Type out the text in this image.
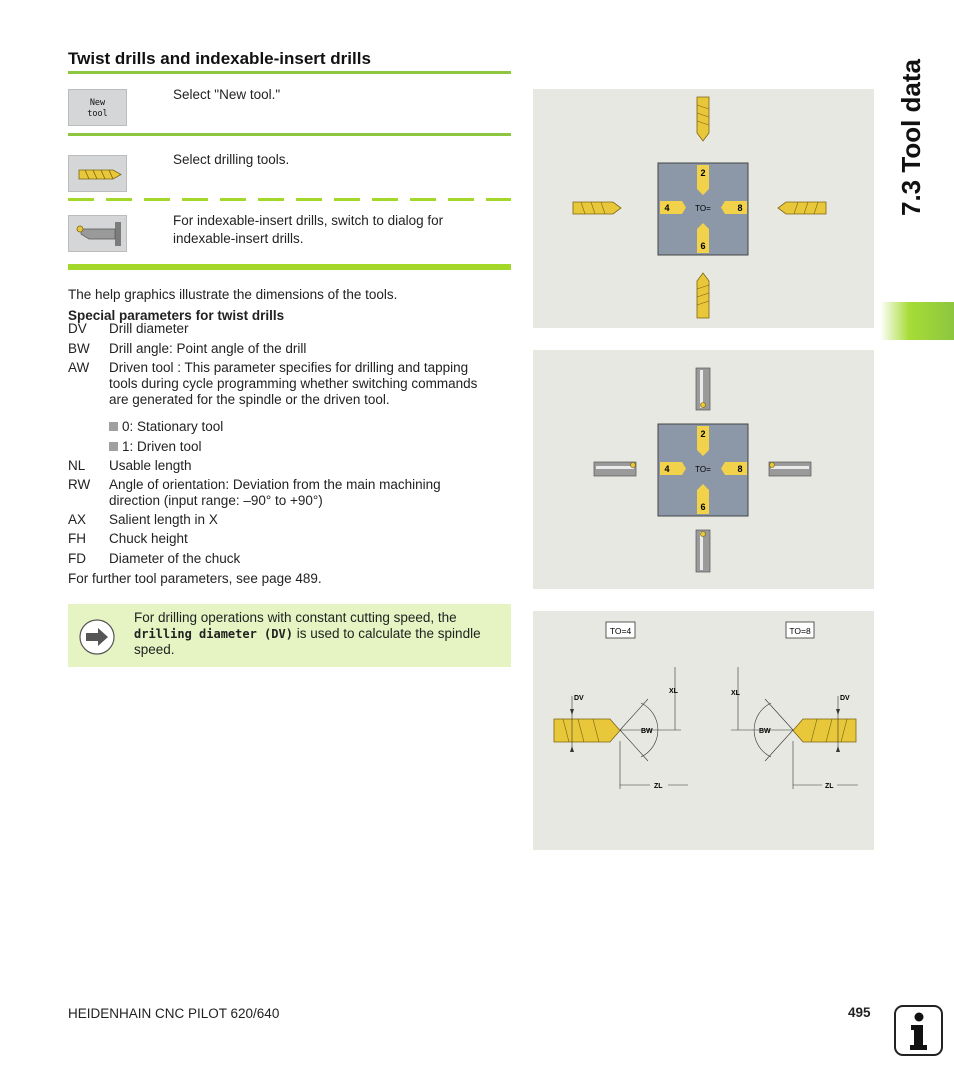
Twist drills and indexable-insert drills
New
tool
Select "New tool."
Select drilling tools.
For indexable-insert drills, switch to dialog for
indexable-insert drills.
The help graphics illustrate the dimensions of the tools.
Special parameters for twist drills
DV Drill diameter
BW Drill angle: Point angle of the drill
AW Driven tool : This parameter specifies for drilling and tapping
tools during cycle programming whether switching commands
are generated for the spindle or the driven tool.
0: Stationary tool
1: Driven tool
NL Usable length
RW Angle of orientation: Deviation from the main machining
direction (input range: –90° to +90°)
AX Salient length in X
FH Chuck height
FD Diameter of the chuck
For further tool parameters, see page 489.
For drilling operations with constant cutting speed, the drilling diameter (DV) is used to calculate the spindle speed.
2
4	TO=	8
6
2
4	TO=	8
6
TO=4	TO=8
DV
XL
BW
ZL
DV
XL
BW
ZL
7.3 Tool data
HEIDENHAIN CNC PILOT 620/640	495
